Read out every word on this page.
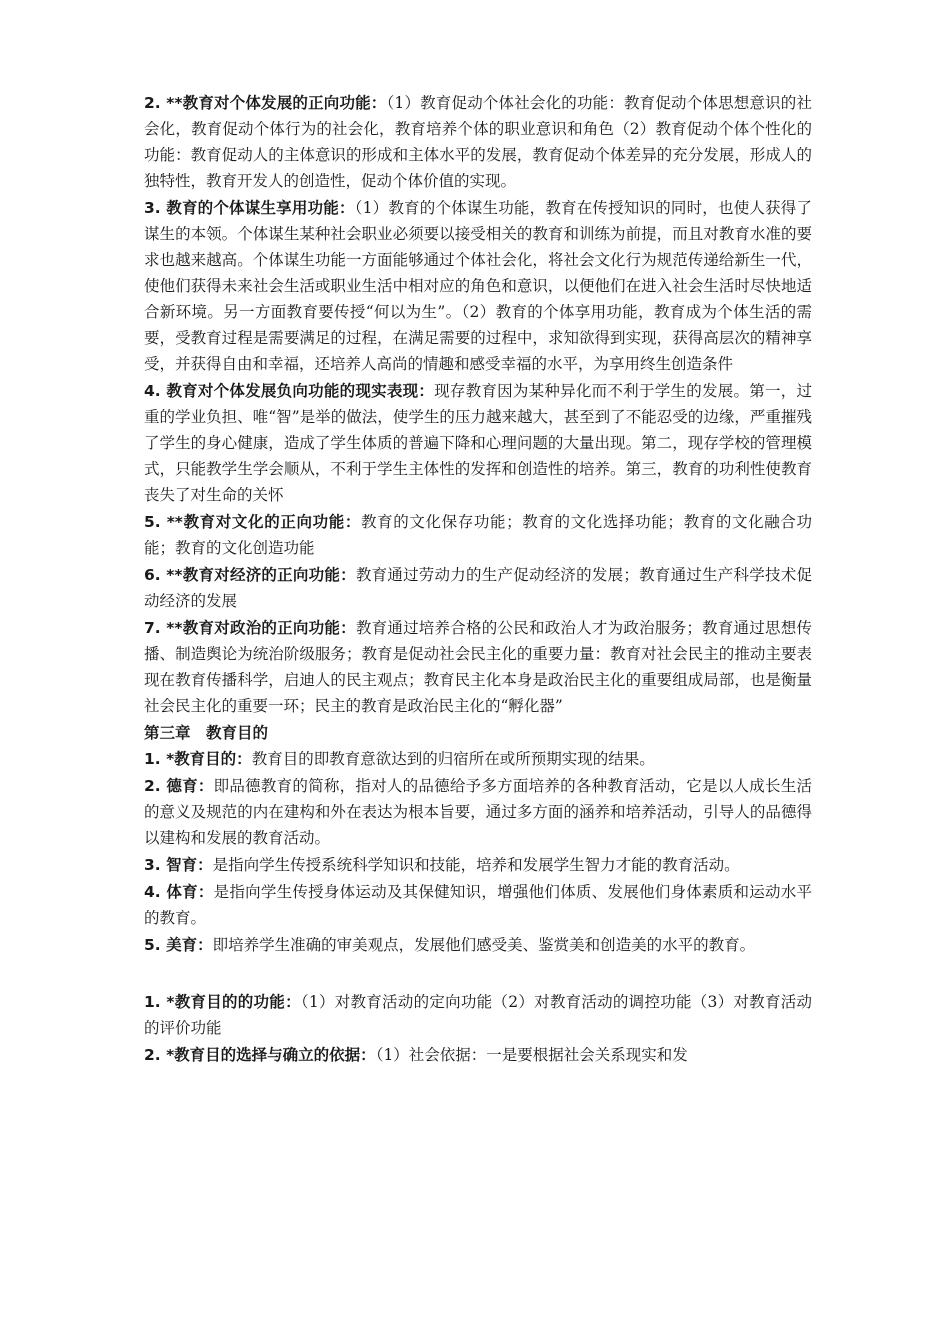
2. **教育对个体发展的正向功能：（1）教育促动个体社会化的功能：教育促动个体思想意识的社会化，教育促动个体行为的社会化，教育培养个体的职业意识和角色（2）教育促动个体个性化的功能：教育促动人的主体意识的形成和主体水平的发展，教育促动个体差异的充分发展，形成人的独特性，教育开发人的创造性，促动个体价值的实现。

3. 教育的个体谋生享用功能：（1）教育的个体谋生功能，教育在传授知识的同时，也使人获得了谋生的本领。个体谋生某种社会职业必须要以接受相关的教育和训练为前提，而且对教育水准的要求也越来越高。个体谋生功能一方面能够通过个体社会化，将社会文化行为规范传递给新生一代，使他们获得未来社会生活或职业生活中相对应的角色和意识，以便他们在进入社会生活时尽快地适合新环境。另一方面教育要传授“何以为生”。（2）教育的个体享用功能，教育成为个体生活的需要，受教育过程是需要满足的过程，在满足需要的过程中，求知欲得到实现，获得高层次的精神享受，并获得自由和幸福，还培养人高尚的情趣和感受幸福的水平，为享用终生创造条件

4. 教育对个体发展负向功能的现实表现：现存教育因为某种异化而不利于学生的发展。第一，过重的学业负担、唯“智”是举的做法，使学生的压力越来越大，甚至到了不能忍受的边缘，严重摧残了学生的身心健康，造成了学生体质的普遍下降和心理问题的大量出现。第二，现存学校的管理模式，只能教学生学会顺从，不利于学生主体性的发挥和创造性的培养。第三，教育的功利性使教育丧失了对生命的关怀

5. **教育对文化的正向功能：教育的文化保存功能；教育的文化选择功能；教育的文化融合功能；教育的文化创造功能

6. **教育对经济的正向功能：教育通过劳动力的生产促动经济的发展；教育通过生产科学技术促动经济的发展

7. **教育对政治的正向功能：教育通过培养合格的公民和政治人才为政治服务；教育通过思想传播、制造舆论为统治阶级服务；教育是促动社会民主化的重要力量：教育对社会民主的推动主要表现在教育传播科学，启迪人的民主观点；教育民主化本身是政治民主化的重要组成局部，也是衡量社会民主化的重要一环；民主的教育是政治民主化的“孵化器”

第三章　教育目的

1. *教育目的：教育目的即教育意欲达到的归宿所在或所预期实现的结果。

2. 德育：即品德教育的简称，指对人的品德给予多方面培养的各种教育活动，它是以人成长生活的意义及规范的内在建构和外在表达为根本旨要，通过多方面的涵养和培养活动，引导人的品德得以建构和发展的教育活动。

3. 智育：是指向学生传授系统科学知识和技能，培养和发展学生智力才能的教育活动。

4. 体育：是指向学生传授身体运动及其保健知识，增强他们体质、发展他们身体素质和运动水平的教育。

5. 美育：即培养学生准确的审美观点，发展他们感受美、鉴赏美和创造美的水平的教育。

1. *教育目的的功能：（1）对教育活动的定向功能（2）对教育活动的调控功能（3）对教育活动的评价功能

2. *教育目的选择与确立的依据：（1）社会依据：一是要根据社会关系现实和发
